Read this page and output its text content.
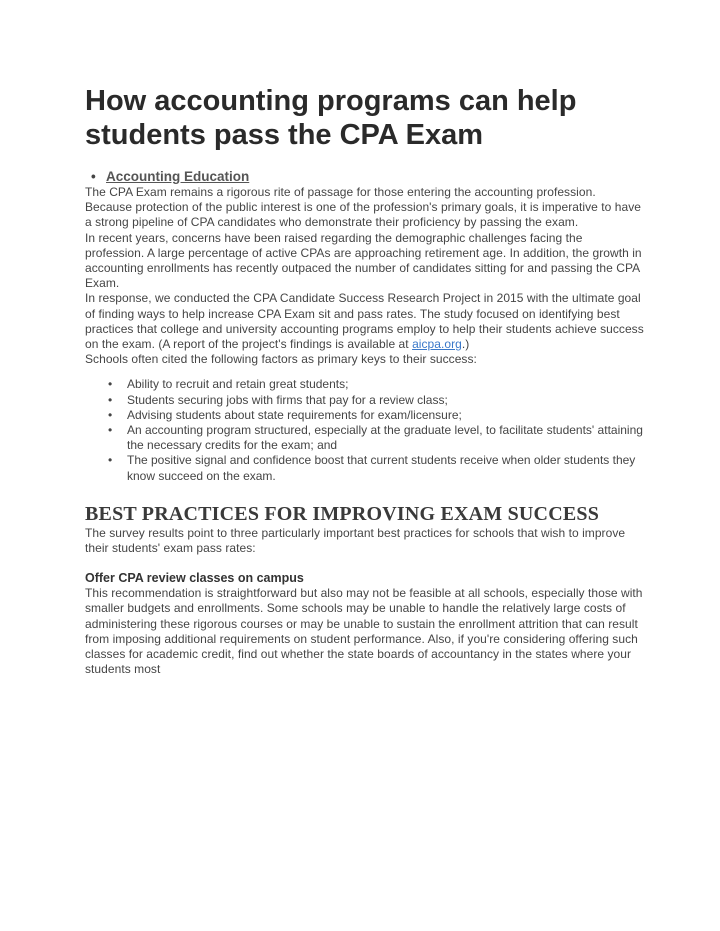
How accounting programs can help students pass the CPA Exam
• Accounting Education

The CPA Exam remains a rigorous rite of passage for those entering the accounting profession. Because protection of the public interest is one of the profession's primary goals, it is imperative to have a strong pipeline of CPA candidates who demonstrate their proficiency by passing the exam.

In recent years, concerns have been raised regarding the demographic challenges facing the profession. A large percentage of active CPAs are approaching retirement age. In addition, the growth in accounting enrollments has recently outpaced the number of candidates sitting for and passing the CPA Exam.

In response, we conducted the CPA Candidate Success Research Project in 2015 with the ultimate goal of finding ways to help increase CPA Exam sit and pass rates. The study focused on identifying best practices that college and university accounting programs employ to help their students achieve success on the exam. (A report of the project's findings is available at aicpa.org.)

Schools often cited the following factors as primary keys to their success:

• Ability to recruit and retain great students;
• Students securing jobs with firms that pay for a review class;
• Advising students about state requirements for exam/licensure;
• An accounting program structured, especially at the graduate level, to facilitate students' attaining the necessary credits for the exam; and
• The positive signal and confidence boost that current students receive when older students they know succeed on the exam.
BEST PRACTICES FOR IMPROVING EXAM SUCCESS

The survey results point to three particularly important best practices for schools that wish to improve their students' exam pass rates:

Offer CPA review classes on campus

This recommendation is straightforward but also may not be feasible at all schools, especially those with smaller budgets and enrollments. Some schools may be unable to handle the relatively large costs of administering these rigorous courses or may be unable to sustain the enrollment attrition that can result from imposing additional requirements on student performance. Also, if you're considering offering such classes for academic credit, find out whether the state boards of accountancy in the states where your students most
